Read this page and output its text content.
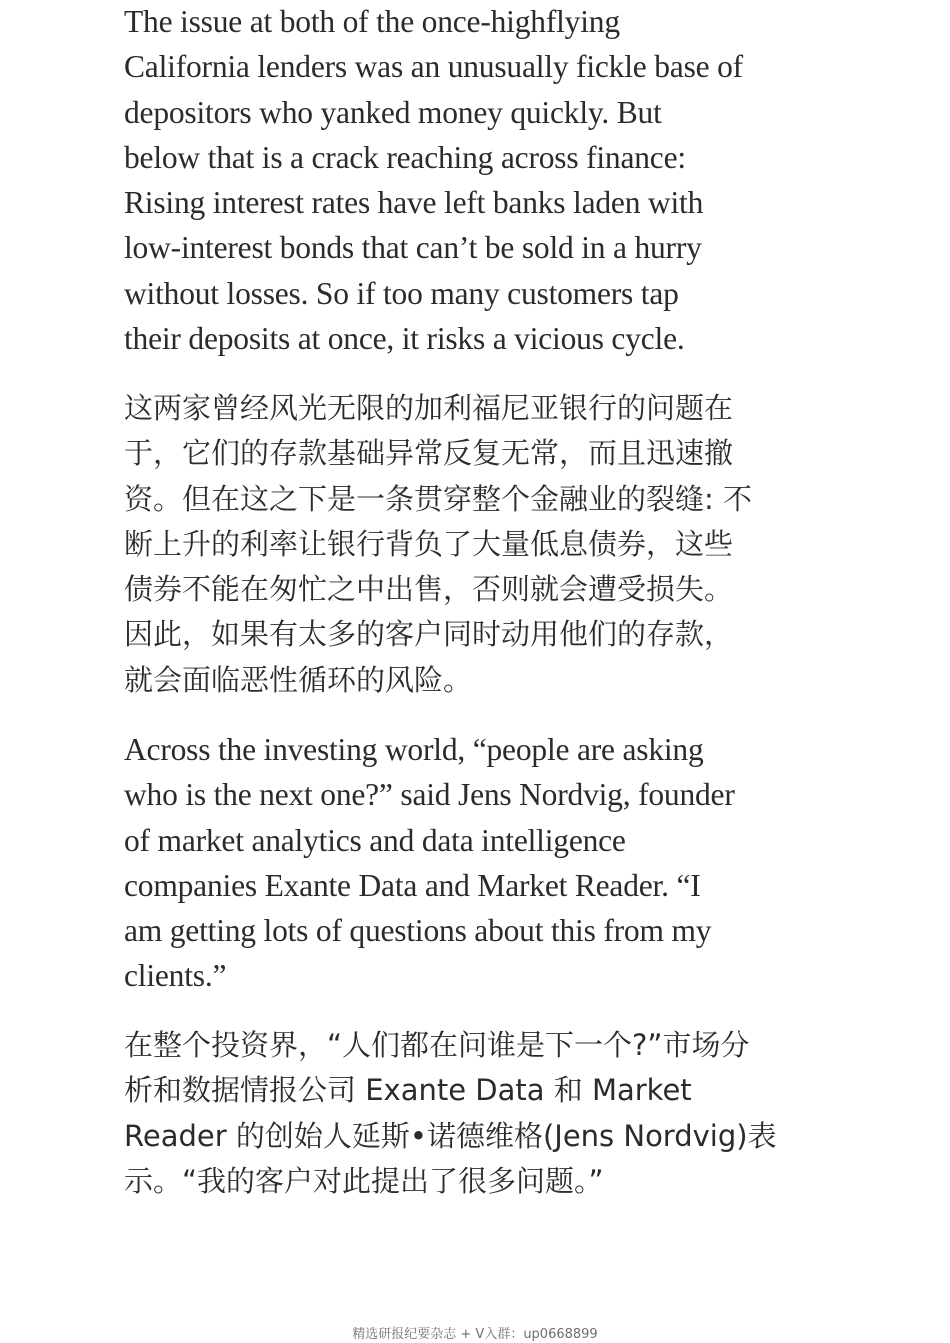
The issue at both of the once-highflying
California lenders was an unusually fickle base of
depositors who yanked money quickly. But
below that is a crack reaching across finance:
Rising interest rates have left banks laden with
low-interest bonds that can’t be sold in a hurry
without losses. So if too many customers tap
their deposits at once, it risks a vicious cycle.

这两家曾经风光无限的加利福尼亚银行的问题在
于，它们的存款基础异常反复无常，而且迅速撤
资。但在这之下是一条贯穿整个金融业的裂缝: 不
断上升的利率让银行背负了大量低息债券，这些
债券不能在匆忙之中出售，否则就会遭受损失。
因此，如果有太多的客户同时动用他们的存款，
就会面临恶性循环的风险。

Across the investing world, “people are asking
who is the next one?” said Jens Nordvig, founder
of market analytics and data intelligence
companies Exante Data and Market Reader. “I
am getting lots of questions about this from my
clients.”

在整个投资界，“人们都在问谁是下一个?”市场分
析和数据情报公司 Exante Data 和 Market
Reader 的创始人延斯•诺德维格(Jens Nordvig)表
示。“我的客户对此提出了很多问题。”

精选研报纪要杂志 + V入群：up0668899
